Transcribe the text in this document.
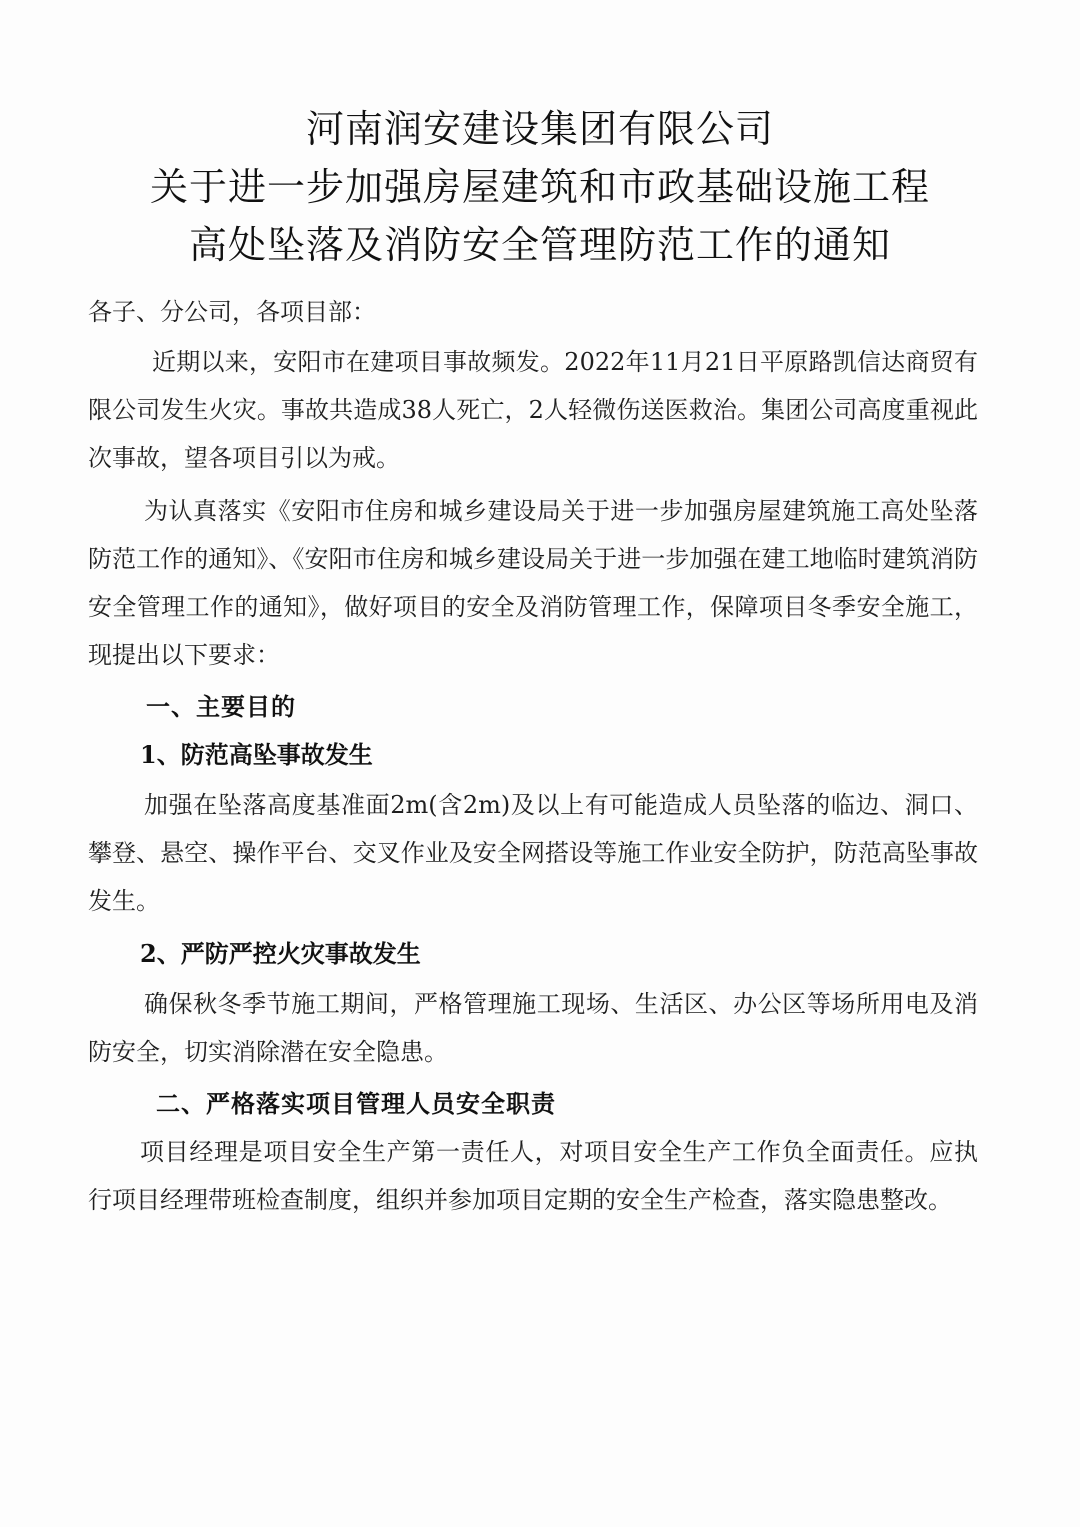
河南润安建设集团有限公司
关于进一步加强房屋建筑和市政基础设施工程
高处坠落及消防安全管理防范工作的通知
各子、分公司，各项目部：
近期以来，安阳市在建项目事故频发。2022年11月21日平原路凯信达商贸有限公司发生火灾。事故共造成38人死亡，2人轻微伤送医救治。集团公司高度重视此次事故，望各项目引以为戒。
为认真落实《安阳市住房和城乡建设局关于进一步加强房屋建筑施工高处坠落防范工作的通知》、《安阳市住房和城乡建设局关于进一步加强在建工地临时建筑消防安全管理工作的通知》，做好项目的安全及消防管理工作，保障项目冬季安全施工，现提出以下要求：
一、主要目的
1、防范高坠事故发生
加强在坠落高度基准面2m(含2m)及以上有可能造成人员坠落的临边、洞口、攀登、悬空、操作平台、交叉作业及安全网搭设等施工作业安全防护，防范高坠事故发生。
2、严防严控火灾事故发生
确保秋冬季节施工期间，严格管理施工现场、生活区、办公区等场所用电及消防安全，切实消除潜在安全隐患。
二、严格落实项目管理人员安全职责
项目经理是项目安全生产第一责任人，对项目安全生产工作负全面责任。应执行项目经理带班检查制度，组织并参加项目定期的安全生产检查，落实隐患整改。
